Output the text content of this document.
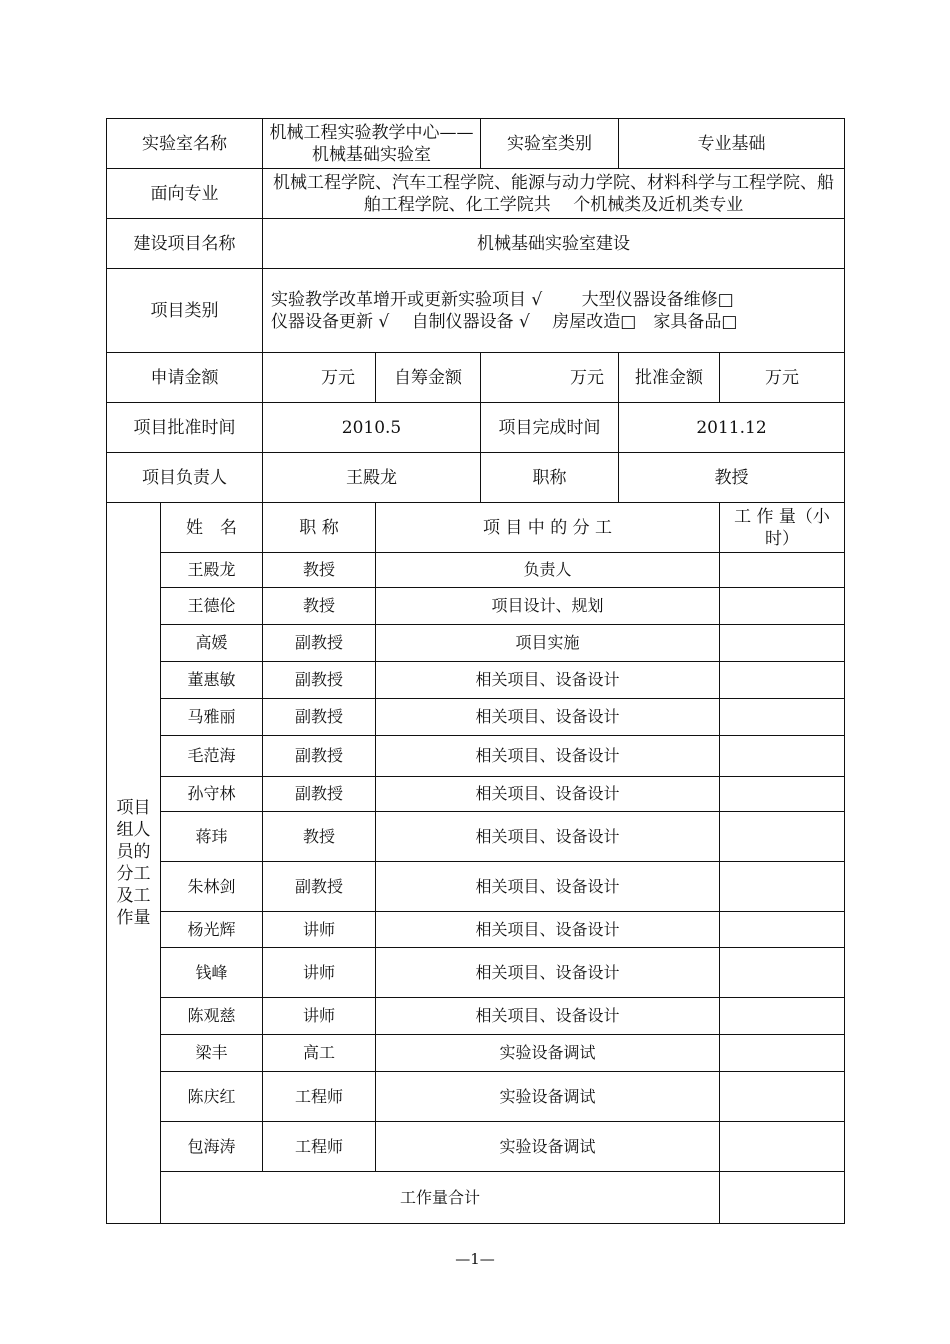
实验室名称		机械工程实验教学中心——机械基础实验室		实验室类别	专业基础	
面向专业		机械工程学院、汽车工程学院、能源与动力学院、材料科学与工程学院、船舶工程学院、化工学院共　 个机械类及近机类专业				
建设项目名称		机械基础实验室建设				
项目类别		实验教学改革增开或更新实验项目 √　　 大型仪器设备维修□
仪器设备更新 √　 自制仪器设备 √　 房屋改造□　家具备品□				

申请金额		万元	自筹金额	万元	批准金额	万元
项目批准时间		2010.5		项目完成时间	2011.12	
项目负责人		王殿龙		职称	教授	

项目组人员的分工及工作量	姓　名	职 称	项 目 中 的 分 工			工 作 量（小时）
	王殿龙	教授	负责人			
	王德伦	教授	项目设计、规划			
	高媛	副教授	项目实施			
	董惠敏	副教授	相关项目、设备设计			
	马雅丽	副教授	相关项目、设备设计			
	毛范海	副教授	相关项目、设备设计			
	孙守林	副教授	相关项目、设备设计			
	蒋玮	教授	相关项目、设备设计			
	朱林剑	副教授	相关项目、设备设计			
	杨光辉	讲师	相关项目、设备设计			
	钱峰	讲师	相关项目、设备设计			
	陈观慈	讲师	相关项目、设备设计			
	梁丰	高工	实验设备调试			
	陈庆红	工程师	实验设备调试			
	包海涛	工程师	实验设备调试			
	工作量合计					
—1—
